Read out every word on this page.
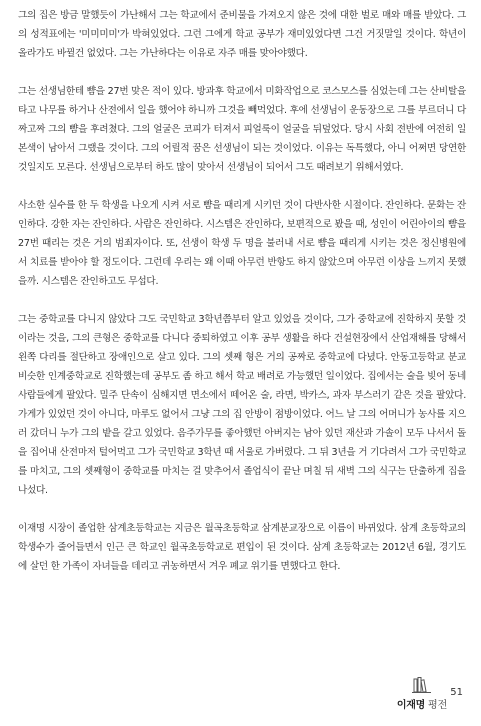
그의 집은 방금 말했듯이 가난해서 그는 학교에서 준비물을 가져오지 않은 것에 대한 벌로 매와 매를 받았다. 그의 성적표에는 '미미미미'가 박혀있었다. 그런 그에게 학교 공부가 재미있었다면 그건 거짓말일 것이다. 학년이 올라가도 바뀔건 없었다. 그는 가난하다는 이유로 자주 매를 맞아야했다.

그는 선생님한테 뺨을 27번 맞은 적이 있다. 방과후 학교에서 미화작업으로 코스모스를 심었는데 그는 산비탈을 타고 나무를 하거나 산전에서 일을 했어야 하니까 그것을 빼먹었다. 후에 선생님이 운동장으로 그를 부르더니 다짜고짜 그의 뺨을 후려쳤다. 그의 얼굴은 코피가 터져서 피얼룩이 얼굴을 뒤덮었다. 당시 사회 전반에 여전히 일본색이 남아서 그랬을 것이다. 그의 어릴적 꿈은 선생님이 되는 것이었다. 이유는 독특했다, 아니 어쩌면 당연한 것일지도 모른다. 선생님으로부터 하도 많이 맞아서 선생님이 되어서 그도 때려보기 위해서였다.

사소한 실수를 한 두 학생을 나오게 시켜 서로 뺨을 때리게 시키던 것이 다반사한 시절이다. 잔인하다. 문화는 잔인하다. 강한 자는 잔인하다. 사람은 잔인하다. 시스템은 잔인하다, 보편적으로 봤을 때, 성인이 어린아이의 뺨을 27번 때리는 것은 거의 범죄자이다. 또, 선생이 학생 두 명을 불러내 서로 뺨을 때리게 시키는 것은 정신병원에서 치료를 받아야 할 정도이다. 그런데 우리는 왜 이때 아무런 반항도 하지 않았으며 아무런 이상을 느끼지 못했을까. 시스템은 잔인하고도 무섭다.

그는 중학교를 다니지 않았다 그도 국민학교 3학년쯤부터 알고 있었을 것이다, 그가 중학교에 진학하지 못할 것이라는 것을, 그의 큰형은 중학교를 다니다 중퇴하였고 이후 공부 생활을 하다 건설현장에서 산업재해를 당해서 왼쪽 다리를 절단하고 장애인으로 살고 있다. 그의 셋째 형은 거의 공짜로 중학교에 다녔다. 안동고등학교 분교 비슷한 인계중학교로 진학했는데 공부도 좀 하고 해서 학교 배려로 가능했던 일이었다. 집에서는 술을 빚어 동네 사람들에게 팔았다. 밀주 단속이 심해지면 면소에서 떼어온 술, 라면, 박카스, 과자 부스러기 같은 것을 팔았다. 가게가 있었던 것이 아니다, 마루도 없어서 그냥 그의 집 안방이 점방이었다. 어느 날 그의 어머니가 농사를 지으러 갔더니 누가 그의 밭을 갈고 있었다. 음주가무를 좋아했던 아버지는 남아 있던 재산과 가솔이 모두 나서서 돌을 집어내 산전마저 털어먹고 그가 국민학교 3학년 때 서울로 가버렸다. 그 뒤 3년을 거 기다려서 그가 국민학교를 마치고, 그의 셋째형이 중학교를 마치는 걸 맞추어서 졸업식이 끝난 며칠 뒤 새벽 그의 식구는 단출하게 집을 나섰다.

이재명 시장이 졸업한 삼계초등학교는 지금은 월곡초등학교 삼계분교장으로 이름이 바뀌었다. 삼계 초등학교의 학생수가 줄어들면서 인근 큰 학교인 월곡초등학교로 편입이 된 것이다. 삼계 초등학교는 2012년 6월, 경기도에 살던 한 가족이 자녀들을 데리고 귀농하면서 겨우 폐교 위기를 면했다고 한다.

이재명 평전
51
